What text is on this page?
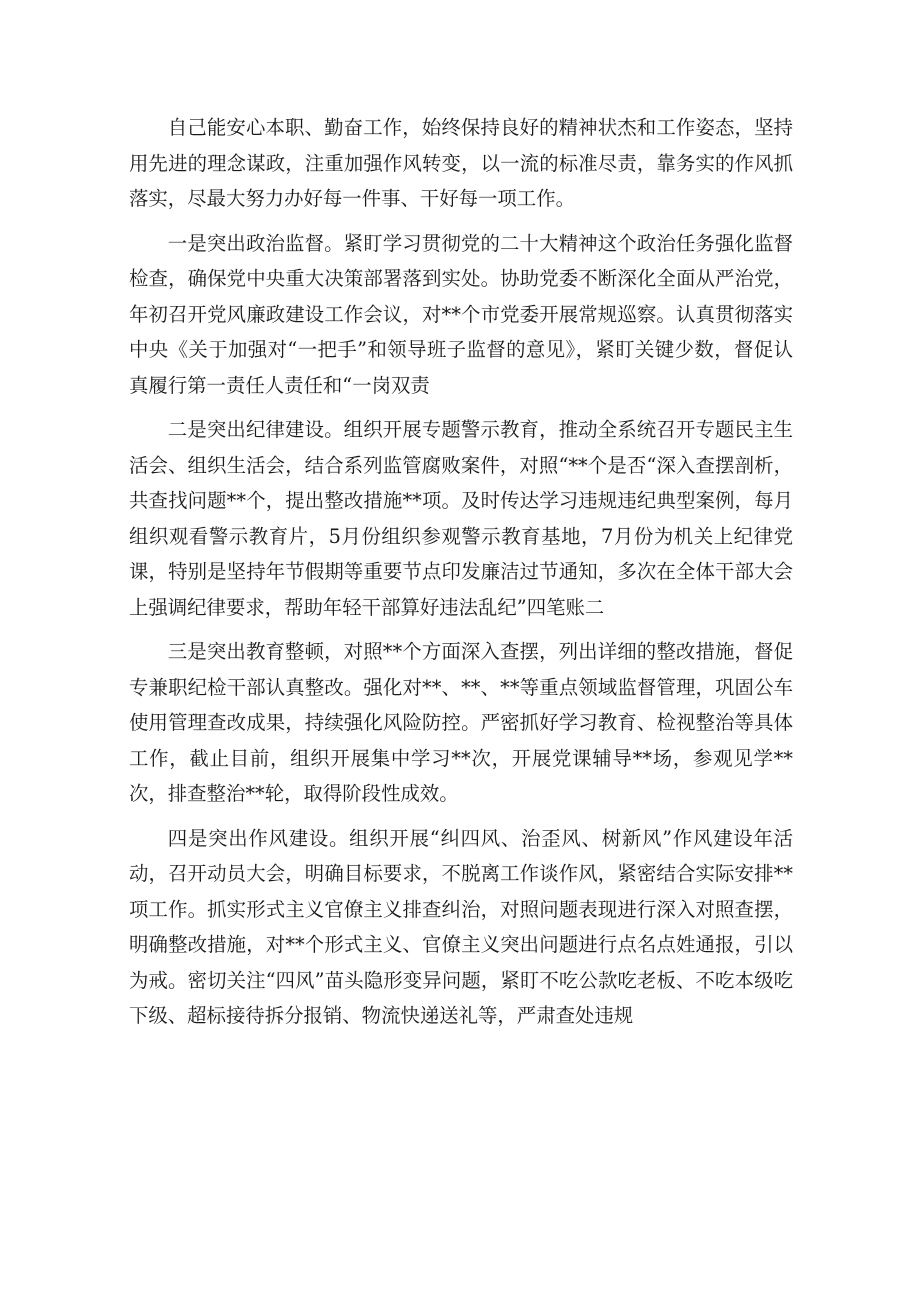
自己能安心本职、勤奋工作，始终保持良好的精神状杰和工作姿态，坚持用先进的理念谋政，注重加强作风转变，以一流的标准尽责，靠务实的作风抓落实，尽最大努力办好每一件事、干好每一项工作。

一是突出政治监督。紧盯学习贯彻党的二十大精神这个政治任务强化监督检查，确保党中央重大决策部署落到实处。协助党委不断深化全面从严治党，年初召开党风廉政建设工作会议，对**个市党委开展常规巡察。认真贯彻落实中央《关于加强对“一把手”和领导班子监督的意见》，紧盯关键少数，督促认真履行第一责任人责任和“一岗双责

二是突出纪律建设。组织开展专题警示教育，推动全系统召开专题民主生活会、组织生活会，结合系列监管腐败案件，对照“**个是否“深入查摆剖析，共查找问题**个，提出整改措施**项。及时传达学习违规违纪典型案例，每月组织观看警示教育片，5月份组织参观警示教育基地，7月份为机关上纪律党课，特别是坚持年节假期等重要节点印发廉洁过节通知，多次在全体干部大会上强调纪律要求，帮助年轻干部算好违法乱纪”四笔账二

三是突出教育整顿，对照**个方面深入查摆，列出详细的整改措施，督促专兼职纪检干部认真整改。强化对**、**、**等重点领域监督管理，巩固公车使用管理查改成果，持续强化风险防控。严密抓好学习教育、检视整治等具体工作，截止目前，组织开展集中学习**次，开展党课辅导**场，参观见学**次，排查整治**轮，取得阶段性成效。

四是突出作风建设。组织开展“纠四风、治歪风、树新风”作风建设年活动，召开动员大会，明确目标要求，不脱离工作谈作风，紧密结合实际安排**项工作。抓实形式主义官僚主义排查纠治，对照问题表现进行深入对照查摆，明确整改措施，对**个形式主义、官僚主义突出问题进行点名点姓通报，引以为戒。密切关注“四风”苗头隐形变异问题，紧盯不吃公款吃老板、不吃本级吃下级、超标接待拆分报销、物流快递送礼等，严肃查处违规
